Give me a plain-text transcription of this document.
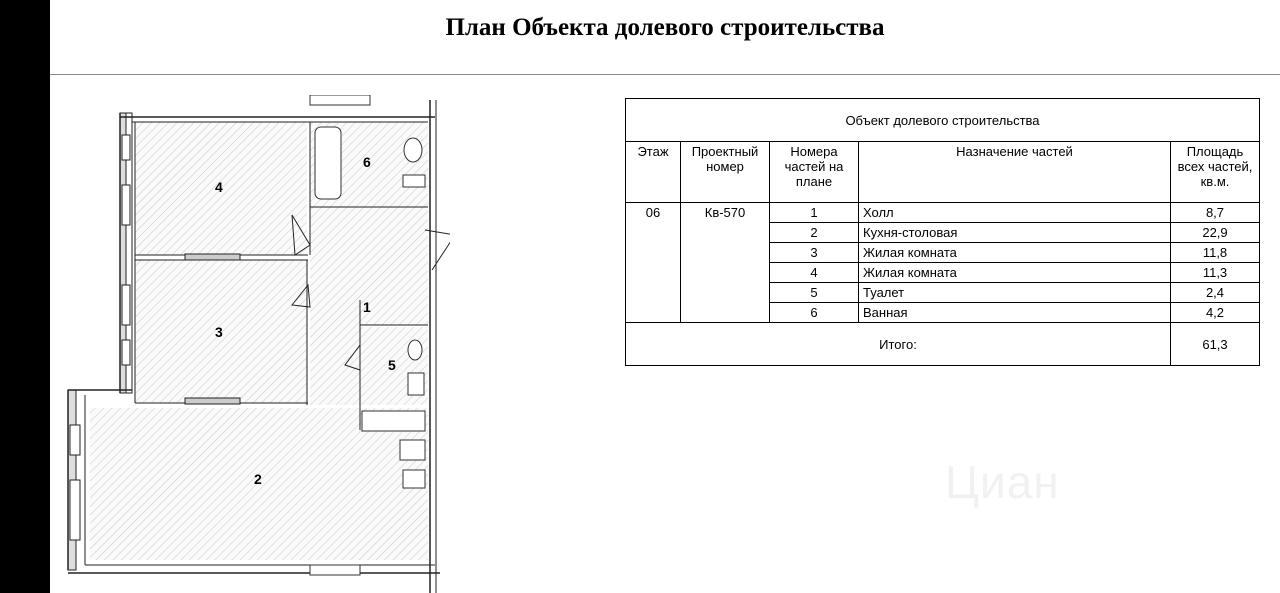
План Объекта долевого строительства
4
3
6
1
5
2
Объект долевого строительства				
Этаж	Проектный номер	Номера частей на плане	Назначение частей	Площадь всех частей, кв.м.
06	Кв-570	1	Холл	8,7
		2	Кухня-столовая	22,9
		3	Жилая комната	11,8
		4	Жилая комната	11,3
		5	Туалет	2,4
		6	Ванная	4,2
Итого:				61,3
Циан
